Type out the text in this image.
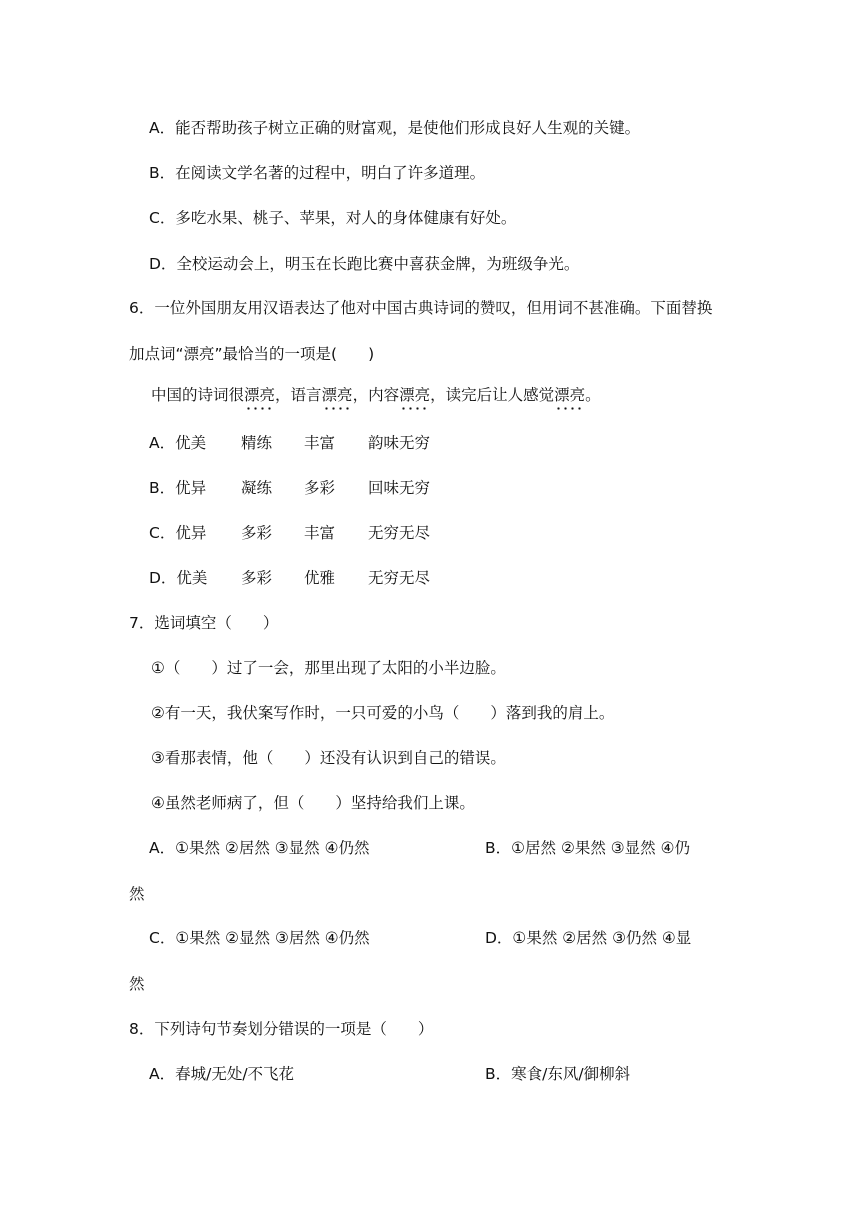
A．能否帮助孩子树立正确的财富观，是使他们形成良好人生观的关键。
B．在阅读文学名著的过程中，明白了许多道理。
C．多吃水果、桃子、苹果，对人的身体健康有好处。
D．全校运动会上，明玉在长跑比赛中喜获金牌，为班级争光。
6．一位外国朋友用汉语表达了他对中国古典诗词的赞叹，但用词不甚准确。下面替换
加点词“漂亮”最恰当的一项是(　　)
中国的诗词很漂亮，语言漂亮，内容漂亮，读完后让人感觉漂亮。
A．优美 精练 丰富 韵味无穷
B．优异 凝练 多彩 回味无穷
C．优异 多彩 丰富 无穷无尽
D．优美 多彩 优雅 无穷无尽
7．选词填空（　　）
①（　　）过了一会，那里出现了太阳的小半边脸。
②有一天，我伏案写作时，一只可爱的小鸟（　　）落到我的肩上。
③看那表情，他（　　）还没有认识到自己的错误。
④虽然老师病了，但（　　）坚持给我们上课。
A．①果然 ②居然 ③显然 ④仍然	B．①居然 ②果然 ③显然 ④仍
然
C．①果然 ②显然 ③居然 ④仍然	D．①果然 ②居然 ③仍然 ④显
然
8．下列诗句节奏划分错误的一项是（　　）
A．春城/无处/不飞花	B．寒食/东风/御柳斜
